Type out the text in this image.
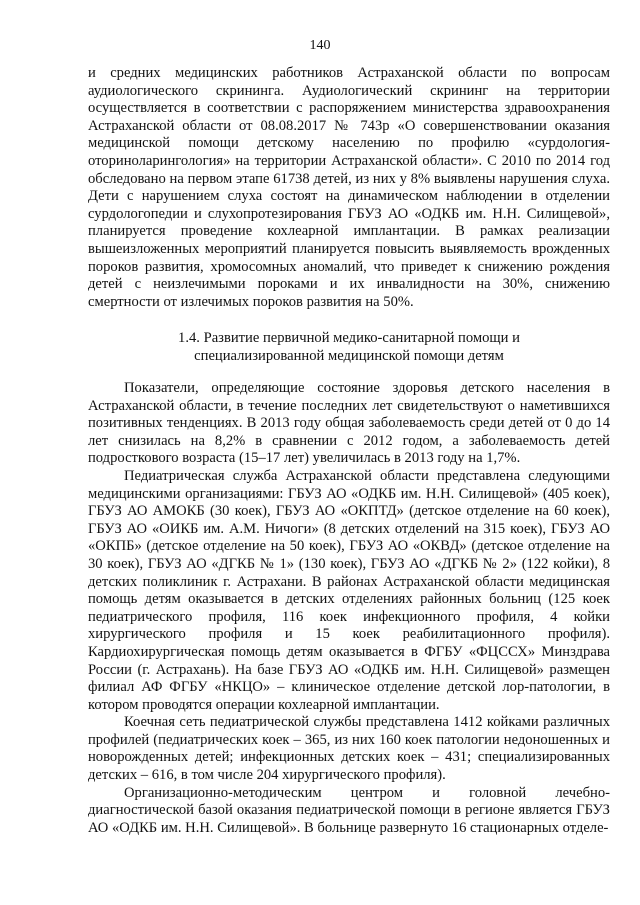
140

и средних медицинских работников Астраханской области по вопросам аудиологического скрининга. Аудиологический скрининг на территории осуществляется в соответствии с распоряжением министерства здравоохранения Астраханской области от 08.08.2017 № 743р «О совершенствовании оказания медицинской помощи детскому населению по профилю «сурдология-оториноларингология» на территории Астраханской области». С 2010 по 2014 год обследовано на первом этапе 61738 детей, из них у 8% выявлены нарушения слуха. Дети с нарушением слуха состоят на динамическом наблюдении в отделении сурдологопедии и слухопротезирования ГБУЗ АО «ОДКБ им. Н.Н. Силищевой», планируется проведение кохлеарной имплантации. В рамках реализации вышеизложенных мероприятий планируется повысить выявляемость врожденных пороков развития, хромосомных аномалий, что приведет к снижению рождения детей с неизлечимыми пороками и их инвалидности на 30%, снижению смертности от излечимых пороков развития на 50%.

1.4. Развитие первичной медико-санитарной помощи и
специализированной медицинской помощи детям

Показатели, определяющие состояние здоровья детского населения в Астраханской области, в течение последних лет свидетельствуют о наметившихся позитивных тенденциях. В 2013 году общая заболеваемость среди детей от 0 до 14 лет снизилась на 8,2% в сравнении с 2012 годом, а заболеваемость детей подросткового возраста (15–17 лет) увеличилась в 2013 году на 1,7%.

Педиатрическая служба Астраханской области представлена следующими медицинскими организациями: ГБУЗ АО «ОДКБ им. Н.Н. Силищевой» (405 коек), ГБУЗ АО АМОКБ (30 коек), ГБУЗ АО «ОКПТД» (детское отделение на 60 коек), ГБУЗ АО «ОИКБ им. А.М. Ничоги» (8 детских отделений на 315 коек), ГБУЗ АО «ОКПБ» (детское отделение на 50 коек), ГБУЗ АО «ОКВД» (детское отделение на 30 коек), ГБУЗ АО «ДГКБ № 1» (130 коек), ГБУЗ АО «ДГКБ № 2» (122 койки), 8 детских поликлиник г. Астрахани. В районах Астраханской области медицинская помощь детям оказывается в детских отделениях районных больниц (125 коек педиатрического профиля, 116 коек инфекционного профиля, 4 койки хирургического профиля и 15 коек реабилитационного профиля). Кардиохирургическая помощь детям оказывается в ФГБУ «ФЦССХ» Минздрава России (г. Астрахань). На базе ГБУЗ АО «ОДКБ им. Н.Н. Силищевой» размещен филиал АФ ФГБУ «НКЦО» – клиническое отделение детской лор-патологии, в котором проводятся операции кохлеарной имплантации.

Коечная сеть педиатрической службы представлена 1412 койками различных профилей (педиатрических коек – 365, из них 160 коек патологии недоношенных и новорожденных детей; инфекционных детских коек – 431; специализированных детских – 616, в том числе 204 хирургического профиля).

Организационно-методическим центром и головной лечебно-диагностической базой оказания педиатрической помощи в регионе является ГБУЗ АО «ОДКБ им. Н.Н. Силищевой». В больнице развернуто 16 стационарных отделе-
